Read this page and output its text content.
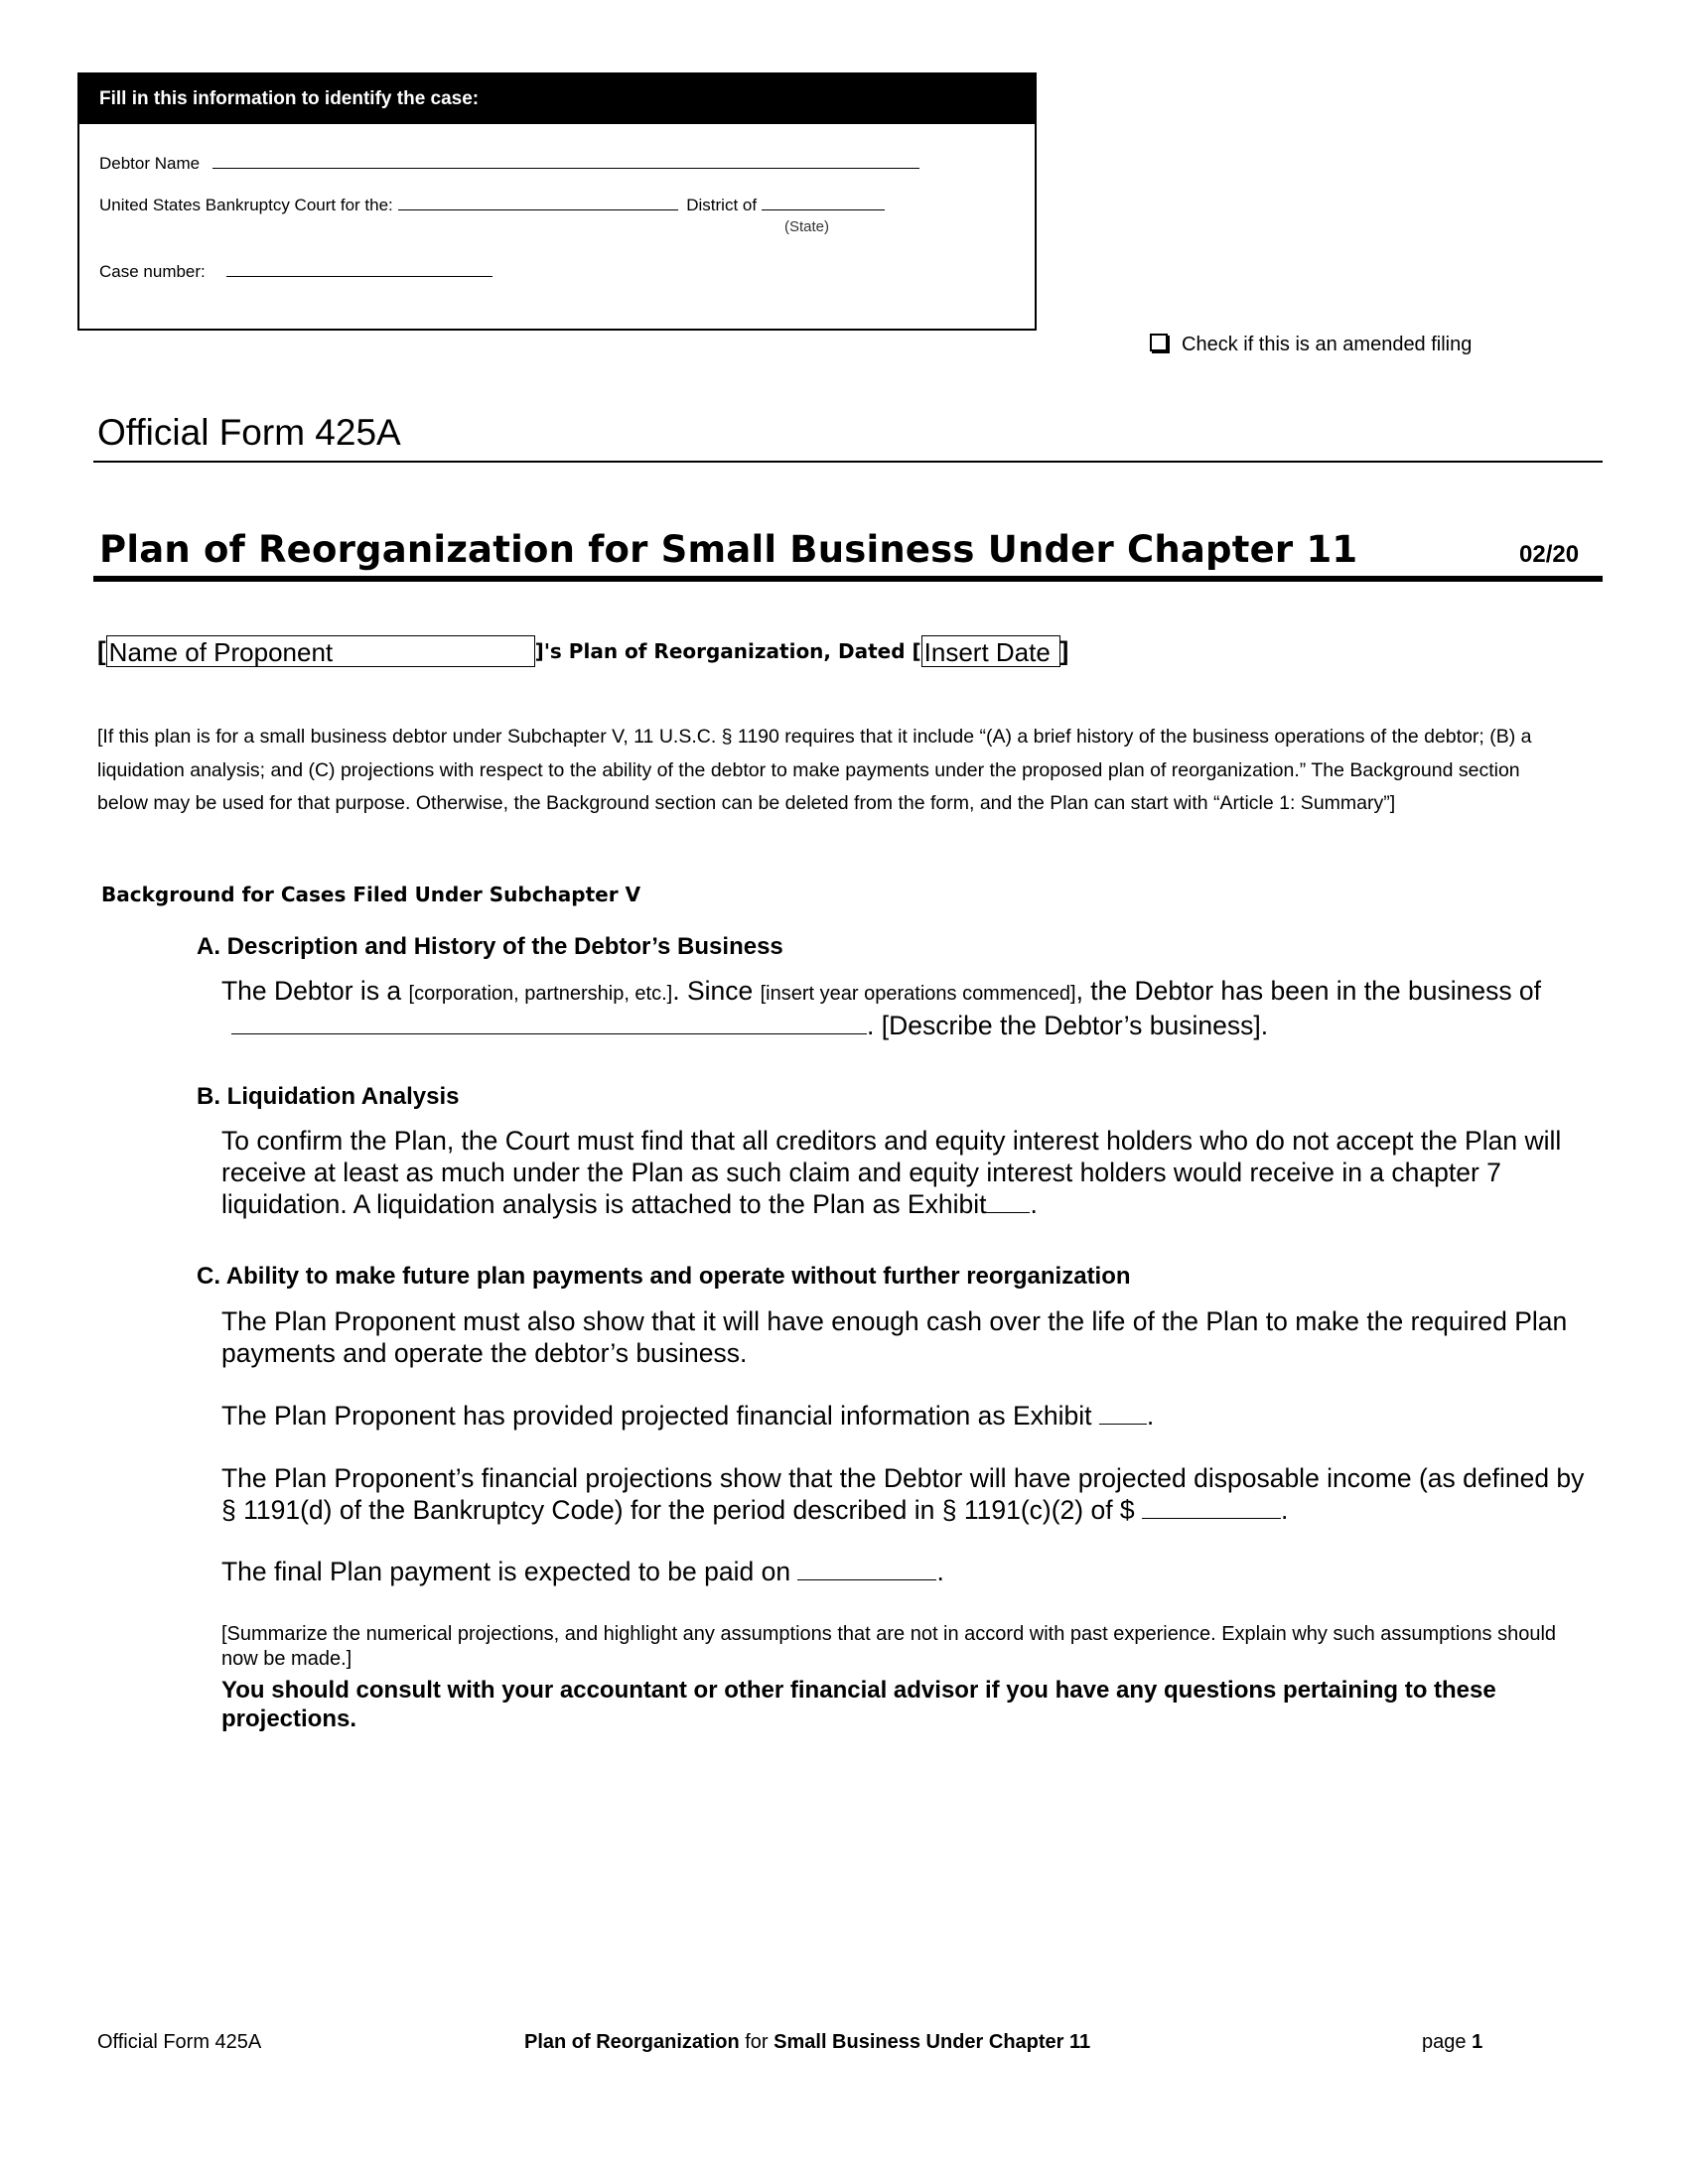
Fill in this information to identify the case:
Debtor Name
United States Bankruptcy Court for the:	District of
(State)
Case number:
Check if this is an amended filing
Official Form 425A
Plan of Reorganization for Small Business Under Chapter 11	02/20
[ Name of Proponent	]'s Plan of Reorganization, Dated [ Insert Date ]
[If this plan is for a small business debtor under Subchapter V, 11 U.S.C. § 1190 requires that it include “(A) a brief history of the business operations of the debtor; (B) a liquidation analysis; and (C) projections with respect to the ability of the debtor to make payments under the proposed plan of reorganization.” The Background section below may be used for that purpose. Otherwise, the Background section can be deleted from the form, and the Plan can start with “Article 1: Summary”]
Background for Cases Filed Under Subchapter V
A. Description and History of the Debtor’s Business
The Debtor is a [corporation, partnership, etc.]. Since [insert year operations commenced], the Debtor has been in the business of . [Describe the Debtor’s business].
B. Liquidation Analysis
To confirm the Plan, the Court must find that all creditors and equity interest holders who do not accept the Plan will receive at least as much under the Plan as such claim and equity interest holders would receive in a chapter 7 liquidation. A liquidation analysis is attached to the Plan as Exhibit .
C. Ability to make future plan payments and operate without further reorganization
The Plan Proponent must also show that it will have enough cash over the life of the Plan to make the required Plan payments and operate the debtor’s business.
The Plan Proponent has provided projected financial information as Exhibit .
The Plan Proponent’s financial projections show that the Debtor will have projected disposable income (as defined by § 1191(d) of the Bankruptcy Code) for the period described in § 1191(c)(2) of $	.
The final Plan payment is expected to be paid on	.
[Summarize the numerical projections, and highlight any assumptions that are not in accord with past experience. Explain why such assumptions should now be made.]
You should consult with your accountant or other financial advisor if you have any questions pertaining to these projections.
Official Form 425A	Plan of Reorganization for Small Business Under Chapter 11	page 1
